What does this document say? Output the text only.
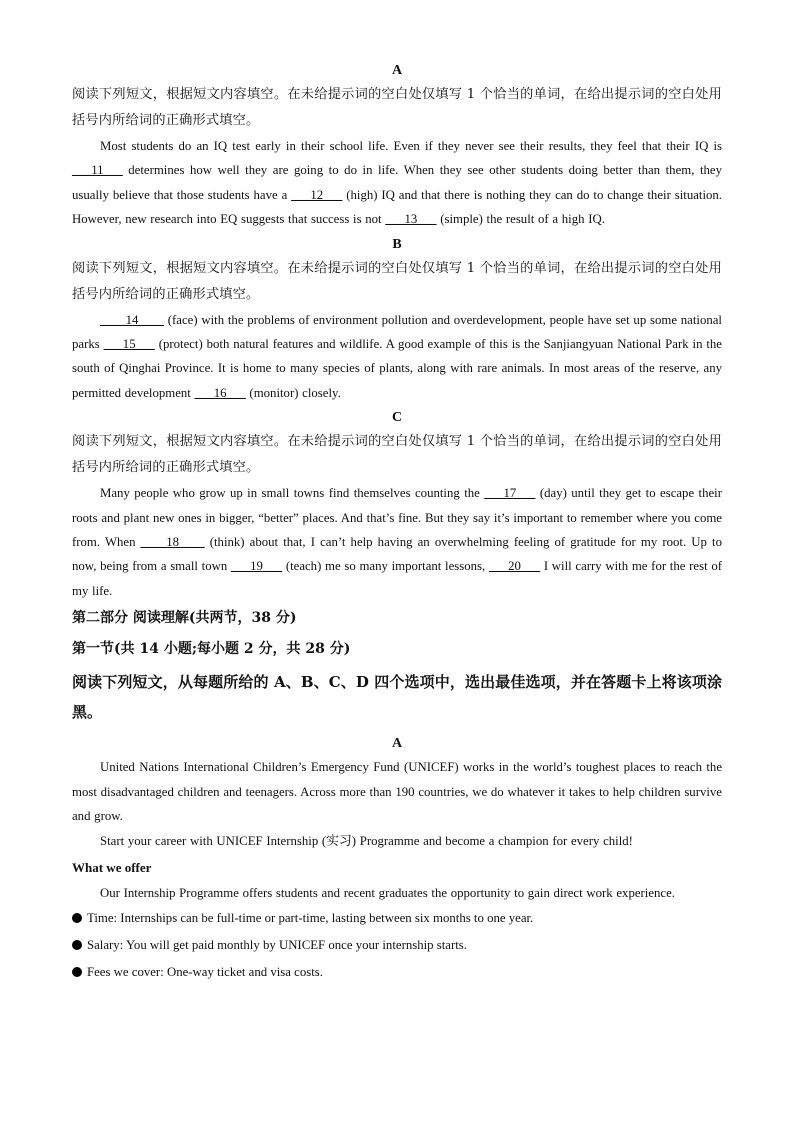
A
阅读下列短文，根据短文内容填空。在未给提示词的空白处仅填写 1 个恰当的单词，在给出提示词的空白处用括号内所给词的正确形式填空。
Most students do an IQ test early in their school life. Even if they never see their results, they feel that their IQ is ___11___ determines how well they are going to do in life. When they see other students doing better than them, they usually believe that those students have a ___12___ (high) IQ and that there is nothing they can do to change their situation. However, new research into EQ suggests that success is not ___13___ (simple) the result of a high IQ.
B
阅读下列短文，根据短文内容填空。在未给提示词的空白处仅填写 1 个恰当的单词，在给出提示词的空白处用括号内所给词的正确形式填空。
____14____ (face) with the problems of environment pollution and overdevelopment, people have set up some national parks ___15___ (protect) both natural features and wildlife. A good example of this is the Sanjiangyuan National Park in the south of Qinghai Province. It is home to many species of plants, along with rare animals. In most areas of the reserve, any permitted development ___16___ (monitor) closely.
C
阅读下列短文，根据短文内容填空。在未给提示词的空白处仅填写 1 个恰当的单词，在给出提示词的空白处用括号内所给词的正确形式填空。
Many people who grow up in small towns find themselves counting the ___17___ (day) until they get to escape their roots and plant new ones in bigger, “better” places. And that’s fine. But they say it’s important to remember where you come from. When ____18____ (think) about that, I can’t help having an overwhelming feeling of gratitude for my root. Up to now, being from a small town ___19___ (teach) me so many important lessons, ___20___ I will carry with me for the rest of my life.
第二部分 阅读理解(共两节，38 分)
第一节(共 14 小题;每小题 2 分，共 28 分)
阅读下列短文，从每题所给的 A、B、C、D 四个选项中，选出最佳选项，并在答题卡上将该项涂黑。
A
United Nations International Children’s Emergency Fund (UNICEF) works in the world’s toughest places to reach the most disadvantaged children and teenagers. Across more than 190 countries, we do whatever it takes to help children survive and grow.
Start your career with UNICEF Internship (实习) Programme and become a champion for every child!
What we offer
Our Internship Programme offers students and recent graduates the opportunity to gain direct work experience.
Time: Internships can be full-time or part-time, lasting between six months to one year.
Salary: You will get paid monthly by UNICEF once your internship starts.
Fees we cover: One-way ticket and visa costs.
